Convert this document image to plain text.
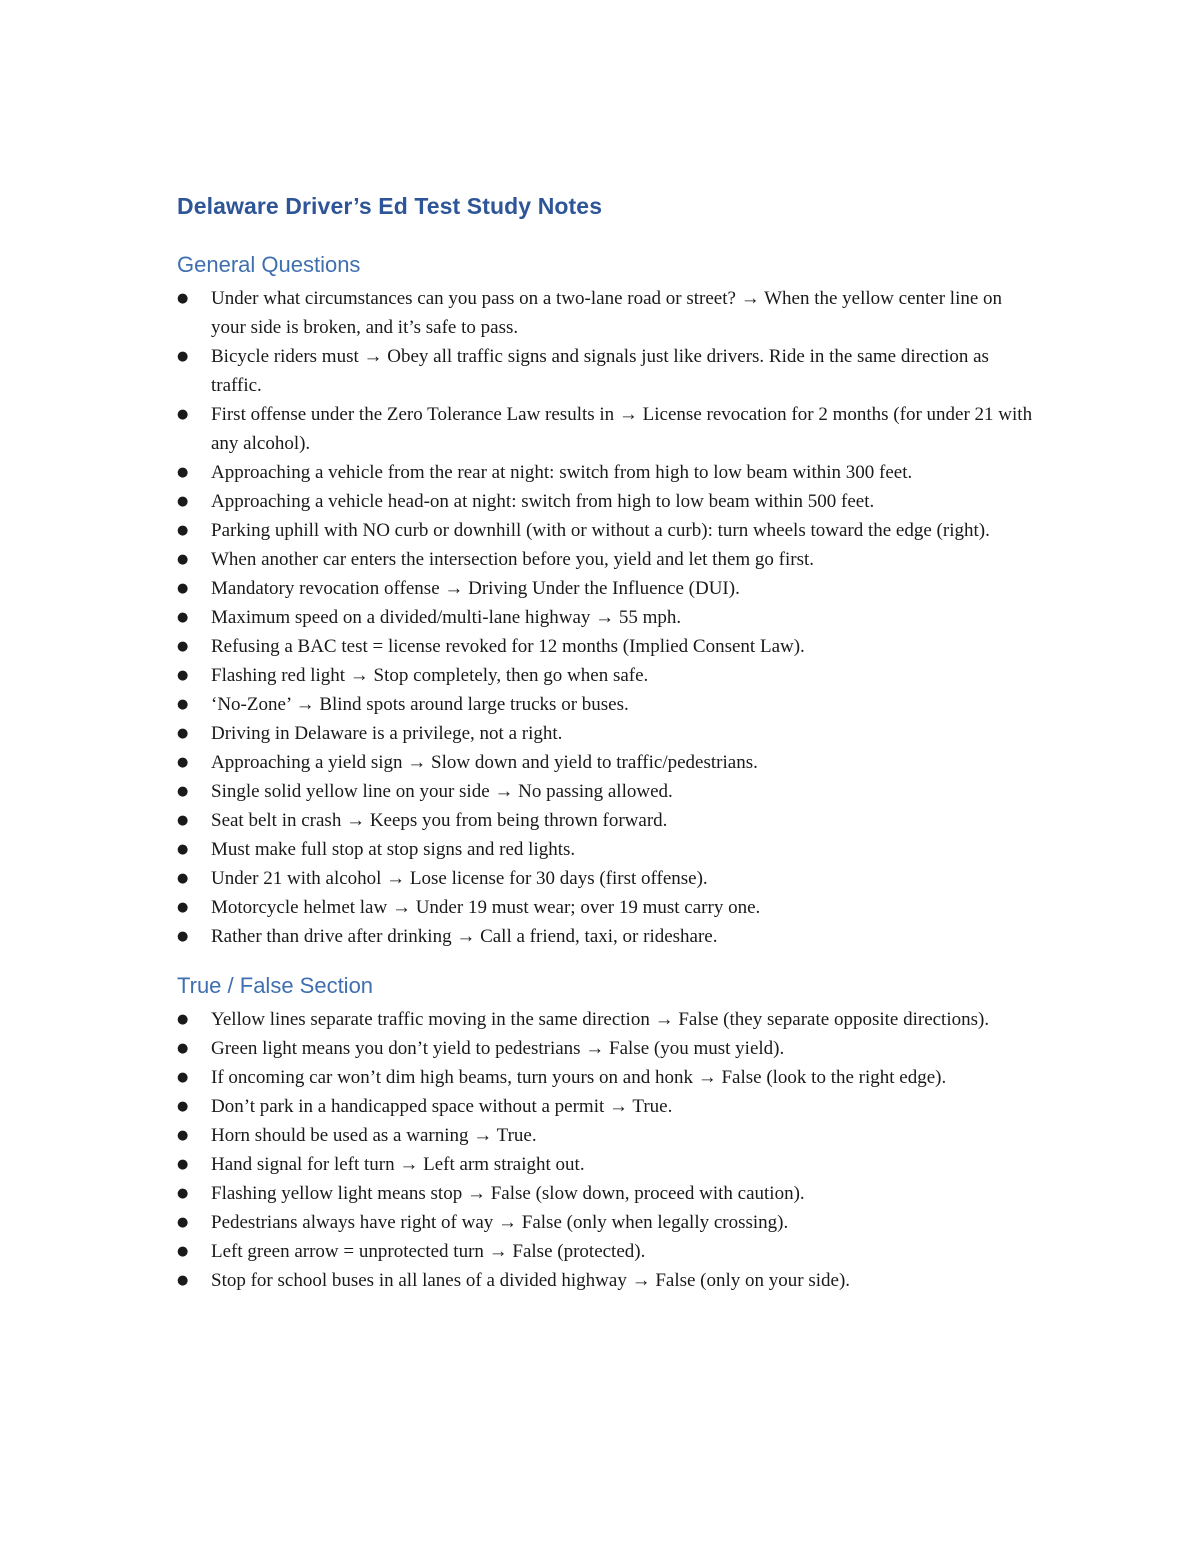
Delaware Driver’s Ed Test Study Notes
General Questions
● Under what circumstances can you pass on a two-lane road or street? → When the yellow center line on your side is broken, and it’s safe to pass.
● Bicycle riders must → Obey all traffic signs and signals just like drivers. Ride in the same direction as traffic.
● First offense under the Zero Tolerance Law results in → License revocation for 2 months (for under 21 with any alcohol).
● Approaching a vehicle from the rear at night: switch from high to low beam within 300 feet.
● Approaching a vehicle head-on at night: switch from high to low beam within 500 feet.
● Parking uphill with NO curb or downhill (with or without a curb): turn wheels toward the edge (right).
● When another car enters the intersection before you, yield and let them go first.
● Mandatory revocation offense → Driving Under the Influence (DUI).
● Maximum speed on a divided/multi-lane highway → 55 mph.
● Refusing a BAC test = license revoked for 12 months (Implied Consent Law).
● Flashing red light → Stop completely, then go when safe.
● ‘No-Zone’ → Blind spots around large trucks or buses.
● Driving in Delaware is a privilege, not a right.
● Approaching a yield sign → Slow down and yield to traffic/pedestrians.
● Single solid yellow line on your side → No passing allowed.
● Seat belt in crash → Keeps you from being thrown forward.
● Must make full stop at stop signs and red lights.
● Under 21 with alcohol → Lose license for 30 days (first offense).
● Motorcycle helmet law → Under 19 must wear; over 19 must carry one.
● Rather than drive after drinking → Call a friend, taxi, or rideshare.
True / False Section
● Yellow lines separate traffic moving in the same direction → False (they separate opposite directions).
● Green light means you don’t yield to pedestrians → False (you must yield).
● If oncoming car won’t dim high beams, turn yours on and honk → False (look to the right edge).
● Don’t park in a handicapped space without a permit → True.
● Horn should be used as a warning → True.
● Hand signal for left turn → Left arm straight out.
● Flashing yellow light means stop → False (slow down, proceed with caution).
● Pedestrians always have right of way → False (only when legally crossing).
● Left green arrow = unprotected turn → False (protected).
● Stop for school buses in all lanes of a divided highway → False (only on your side).
